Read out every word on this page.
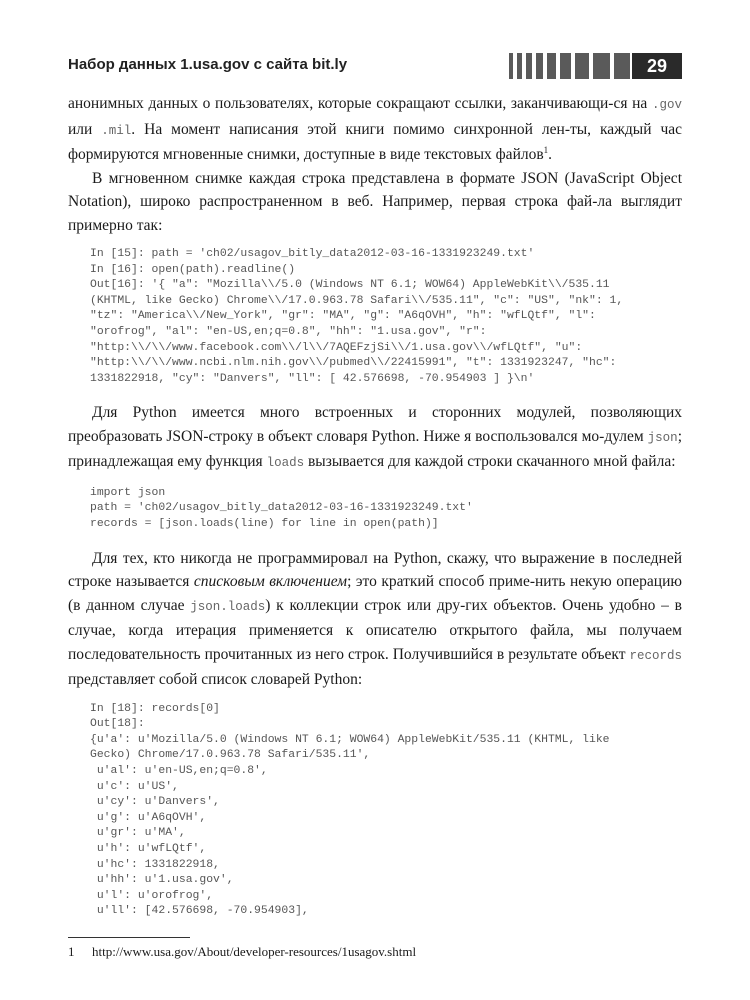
Набор данных 1.usa.gov с сайта bit.ly	29

анонимных данных о пользователях, которые сокращают ссылки, заканчивающи-ся на .gov или .mil. На момент написания этой книги помимо синхронной лен-ты, каждый час формируются мгновенные снимки, доступные в виде текстовых файлов$^1$.

В мгновенном снимке каждая строка представлена в формате JSON (JavaScript Object Notation), широко распространенном в веб. Например, первая строка фай-ла выглядит примерно так:

In [15]: path = 'ch02/usagov_bitly_data2012-03-16-1331923249.txt'
In [16]: open(path).readline()
Out[16]: '{ "a": "Mozilla\\/5.0 (Windows NT 6.1; WOW64) AppleWebKit\\/535.11
(KHTML, like Gecko) Chrome\\/17.0.963.78 Safari\\/535.11", "c": "US", "nk": 1,
"tz": "America\\/New_York", "gr": "MA", "g": "A6qOVH", "h": "wfLQtf", "l":
"orofrog", "al": "en-US,en;q=0.8", "hh": "1.usa.gov", "r":
"http:\\/\\/www.facebook.com\\/l\\/7AQEFzjSi\\/1.usa.gov\\/wfLQtf", "u":
"http:\\/\\/www.ncbi.nlm.nih.gov\\/pubmed\\/22415991", "t": 1331923247, "hc":
1331822918, "cy": "Danvers", "ll": [ 42.576698, -70.954903 ] }\n'

Для Python имеется много встроенных и сторонних модулей, позволяющих преобразовать JSON-строку в объект словаря Python. Ниже я воспользовался мо-дулем json; принадлежащая ему функция loads вызывается для каждой строки скачанного мной файла:

import json
path = 'ch02/usagov_bitly_data2012-03-16-1331923249.txt'
records = [json.loads(line) for line in open(path)]

Для тех, кто никогда не программировал на Python, скажу, что выражение в последней строке называется списковым включением; это краткий способ приме-нить некую операцию (в данном случае json.loads) к коллекции строк или дру-гих объектов. Очень удобно – в случае, когда итерация применяется к описателю открытого файла, мы получаем последовательность прочитанных из него строк. Получившийся в результате объект records представляет собой список словарей Python:

In [18]: records[0]
Out[18]:
{u'a': u'Mozilla/5.0 (Windows NT 6.1; WOW64) AppleWebKit/535.11 (KHTML, like
Gecko) Chrome/17.0.963.78 Safari/535.11',
u'al': u'en-US,en;q=0.8',
u'c': u'US',
u'cy': u'Danvers',
u'g': u'A6qOVH',
u'gr': u'MA',
u'h': u'wfLQtf',
u'hc': 1331822918,
u'hh': u'1.usa.gov',
u'l': u'orofrog',
u'll': [42.576698, -70.954903],
1 http://www.usa.gov/About/developer-resources/1usagov.shtml
